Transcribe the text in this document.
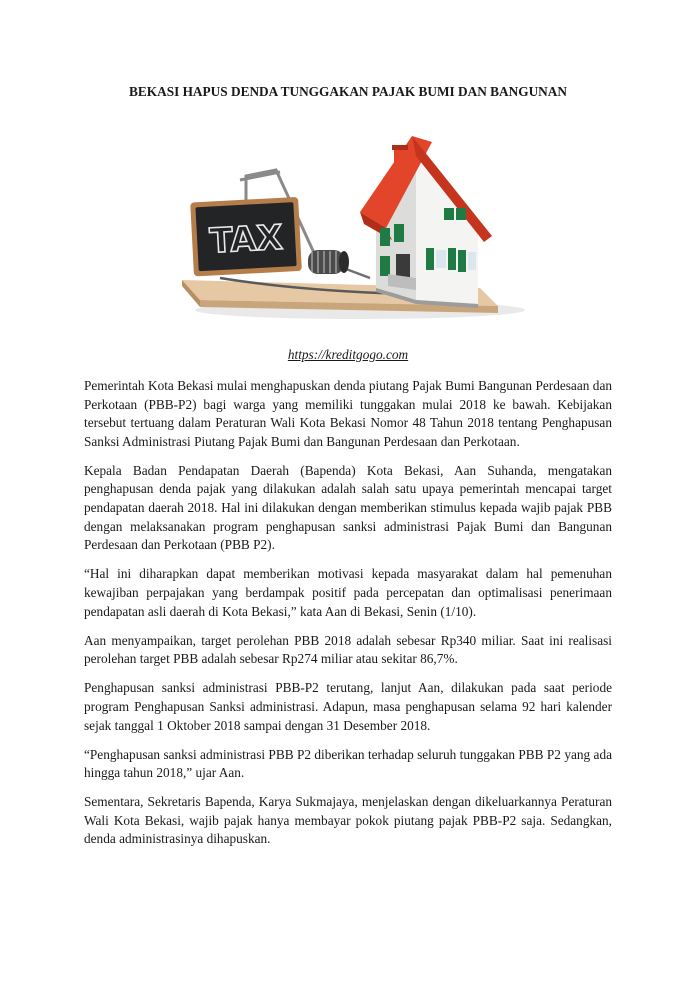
BEKASI HAPUS DENDA TUNGGAKAN PAJAK BUMI DAN BANGUNAN
TAX

https://kreditgogo.com

Pemerintah Kota Bekasi mulai menghapuskan denda piutang Pajak Bumi Bangunan Perdesaan dan Perkotaan (PBB-P2) bagi warga yang memiliki tunggakan mulai 2018 ke bawah. Kebijakan tersebut tertuang dalam Peraturan Wali Kota Bekasi Nomor 48 Tahun 2018 tentang Penghapusan Sanksi Administrasi Piutang Pajak Bumi dan Bangunan Perdesaan dan Perkotaan.

Kepala Badan Pendapatan Daerah (Bapenda) Kota Bekasi, Aan Suhanda, mengatakan penghapusan denda pajak yang dilakukan adalah salah satu upaya pemerintah mencapai target pendapatan daerah 2018. Hal ini dilakukan dengan memberikan stimulus kepada wajib pajak PBB dengan melaksanakan program penghapusan sanksi administrasi Pajak Bumi dan Bangunan Perdesaan dan Perkotaan (PBB P2).

“Hal ini diharapkan dapat memberikan motivasi kepada masyarakat dalam hal pemenuhan kewajiban perpajakan yang berdampak positif pada percepatan dan optimalisasi penerimaan pendapatan asli daerah di Kota Bekasi,” kata Aan di Bekasi, Senin (1/10).

Aan menyampaikan, target perolehan PBB 2018 adalah sebesar Rp340 miliar. Saat ini realisasi perolehan target PBB adalah sebesar Rp274 miliar atau sekitar 86,7%.

Penghapusan sanksi administrasi PBB-P2 terutang, lanjut Aan, dilakukan pada saat periode program Penghapusan Sanksi administrasi. Adapun, masa penghapusan selama 92 hari kalender sejak tanggal 1 Oktober 2018 sampai dengan 31 Desember 2018.

“Penghapusan sanksi administrasi PBB P2 diberikan terhadap seluruh tunggakan PBB P2 yang ada hingga tahun 2018,” ujar Aan.

Sementara, Sekretaris Bapenda, Karya Sukmajaya, menjelaskan dengan dikeluarkannya Peraturan Wali Kota Bekasi, wajib pajak hanya membayar pokok piutang pajak PBB-P2 saja. Sedangkan, denda administrasinya dihapuskan.
